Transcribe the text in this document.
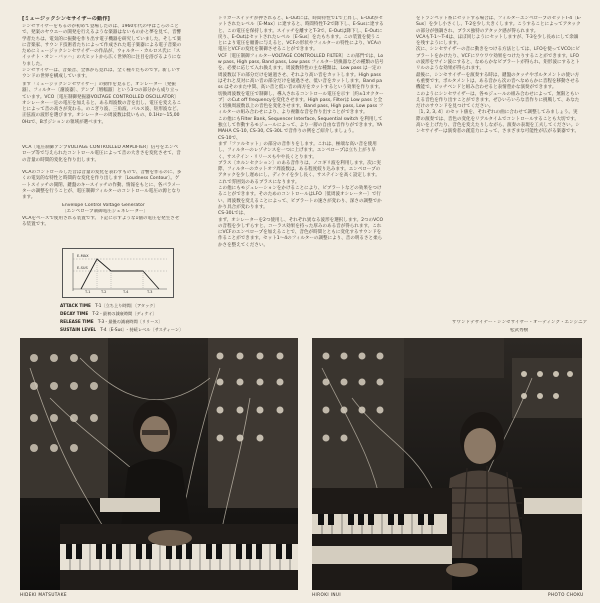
[ミュージックシンセサイザーの動作]
シンセサイザーをもるのが初めて登場したのは、1960年代の中ばごろのことで、発案のヤウエーの開発を行えるような楽器はないものかと夢を見て、音響学者たちは、電気的に振動を作り出す電子機器を研究していました。そして楽に音楽家、サウンド技術者たちによって作成された電子楽器による電子音楽のためにミュージックシンセサイザーの作品が、ウォルター・カルロス氏に「スイッチト・オン・バッハ」の大ヒットから広く世界的に注目を浴びるようになりました。
シンセサイザーは、音楽音、全体から見れば、全く種々たものです。新しいサウンドの世界を構成しています。
まず「ミュージックシンセサイザー」の動作を見ると、オシレーター〔発振器〕、フィルター〔濾波器〕、アンプ〔増幅器〕という3つの部分から成り立っています。VCO〔電圧制御発振器VOLTAGE CONTROLLED OSCILLATOR〕オシレーター一定の電圧を加えると、ある周波数の音を出し、電圧を変えることによって音の高さが変わる。のこぎり波、三角波、パルス波、矩形波など、正弦波の波形を選びます。オシレーターの周波数は低いもの、0.1Hz〜15,000Hzで、Bポジションの領域が選べます。
VCA〔電圧制御アンプVOLTAGE CONTROLLED AMPLIFIER〕信号をエンベロープ等で与えられたコントロール電圧によって音の大きさを変化させて、音の音量の時間的変化を作り出します。
VCAのコントロールした音は音量の変化を表わすもので、音響を作るのに、多くの電気的な特性と時間的な変化を作り出します〔Loudness Contour〕。ゲートスイッチの開閉、鍵盤のキースイッチの作動、情報をもとに、各パラメーターの調整を行うことが、電圧制御フィルターのコントロール電圧の源となります。
Envelope Control Voltage Generator
〔エンベロープ制御電圧ジェネレーター〕
VCAをベースで使用される装置です。下記に示すような1個の電圧を発生させる装置です。
E-MAX
E-SUS
T-1	T-2	T-4	T-3
ATTACK TIME　 T-1〔立ち上り時間〕〔アタック〕
DECAY TIME　 T-2 - 最初の減衰時間〔ディケイ〕
RELEASE TIME　 T-3 - 最後の減衰時間〔リリース〕
SUSTAIN LEVEL　 T-4〔E-Sus〕- 持続レベル〔サスティーン〕
トリガースイッチが押されると、E-Outには、時間特性で1で上昇し、E-Outがセットされたレベル〔E-Max〕に達すると、時間特性T-2で降下し、E-Susに達すると、この電圧を保持します。スイッチを離すとT-3で、E-Outは降下し、E-Outに戻り、E-Outはセットされたレベル〔E-Sus〕をたもちます。この装置を使うことにより電圧を順番に与えると、VCFの形状やフィルターの特性により、VCAの電圧とVCFの変化を制御させることができます。
VCF〔電圧制御フィルターVOLTAGE CONTROLLED FILTER〕この部門では、Low pass, High pass, Band pass, Low pass フィルター切換器などの種類の信号を、必要に応じて入れ換えます。周波数特性の主な種類は、Low pass は一定の周波数以下の部分だけを通過させ、それより高い音をカットします。High pass はそれと反対に高い音の部分だけを通過させ、低い音をカットします。Band pass はそのまた中間、高い音と低い音の両方をカットするという効果を作ります。
切換周波数を電圧で制御し、導入されるコントロール電圧を示す〔約±1オクターブ〕のCut off frequencyを変化させます。High pass, Filterは Low pass と全く切換周波数以上の音色を変化させます。Band pass, High pass, Low pass フィルターの組み合わせにより、より複雑な音を作り出すことができます。
この他にもFilter Bank, Sequencer Interface, Sequential switch を利用して独立して作動するモジュールによって、より一層の自由な音作りができます。YAMAHA CS-10, CS-30, CS-30L で音作りの例をご紹介しましょう。
CS-10で、
まず「ファルセット」の部分の音作りをします。これは、極端な高い音を使用し、フィルターのレゾナンスを一つに上げます。エンベロープは立ち上がり早く、サステイン・リリースもやや長くとります。
ブラス〔ホルンセクション〕のある音作りは、ノコギリ波を利用します。次に実際、フィルターのカットオフ周波数は、ある程度絞り込みます。エンベロープのアタックを少し遅めにし、ディケイを少し長く、サステインを高く設定します。これで雰囲気のあるブラスになります。
この他にもモジュレーションをかけることにより、ビブラートなどの効果をつけることができます。そのためのコントロールはLFO〔低周波オシレーター〕で行い、周波数を変えることによって、ビブラートの速さが変わり、深さの調整でかかり具合が変わります。
CS-30Lでは、
まず、オシレーターを2つ使用し、それぞれ異なる波形を選択します。2つのVCOの音程を少しずらすと、コーラス効果を持った厚みのある音が得られます。これにVCFのエンベロープを加えることで、音色が時間とともに変化するサウンドを作ることができます。セット1〜4のフィルターの調整により、音の明るさと柔らかさを整えてください。
をトランペット系にセットする場合は、フィルターエンベロープのセットT-4〔E-Sus〕を少し小さくし、T-2を少し大きくします。こうすることによってアタックの部分が強調され、ブラス独特のアタック感が得られます。
VCAもT-1〜T-4は、ほぼ同じようにセットしますが、T-3を少し長めにして余韻を残すようにします。
次に、シンセサイザーの音に動きをつける方法としては、LFOを使ってVCOにビブラートをかけたり、VCFにワウワウ効果をつけたりすることができます。LFOの波形をサイン波にすると、なめらかなビブラートが得られ、矩形波にするとトリルのような効果が得られます。
最後に、シンセサイザーを演奏する時は、鍵盤のタッチやポルタメントの使い方も重要です。ポルタメントは、ある音から次の音へなめらかに音程を移動させる機能で、ピッチベンドと組み合わせると表情豊かな演奏ができます。
このようにシンセサイザーは、各モジュールの組み合わせによって、無限ともいえる音色を作り出すことができます。ぜひいろいろな音作りに挑戦して、あなただけのサウンドを見つけてください。
〔1, 2, 3, 4〕のセット値を、それぞれの曲に合わせて調整してみましょう。実際の演奏では、音色の変化をリアルタイムでコントロールすることも大切です。
高いを上げたり、音色を変えたりしながら、演奏の表現を工夫してください。シンセサイザーは演奏者の創造力によって、さまざまな可能性が広がる楽器です。
サウンドデザイナー・シンセサイザー・オーディング・エンジニア
松武秀樹
HIDEKI MATSUTAKE	HIROKI INUI	PHOTO CHOKU
